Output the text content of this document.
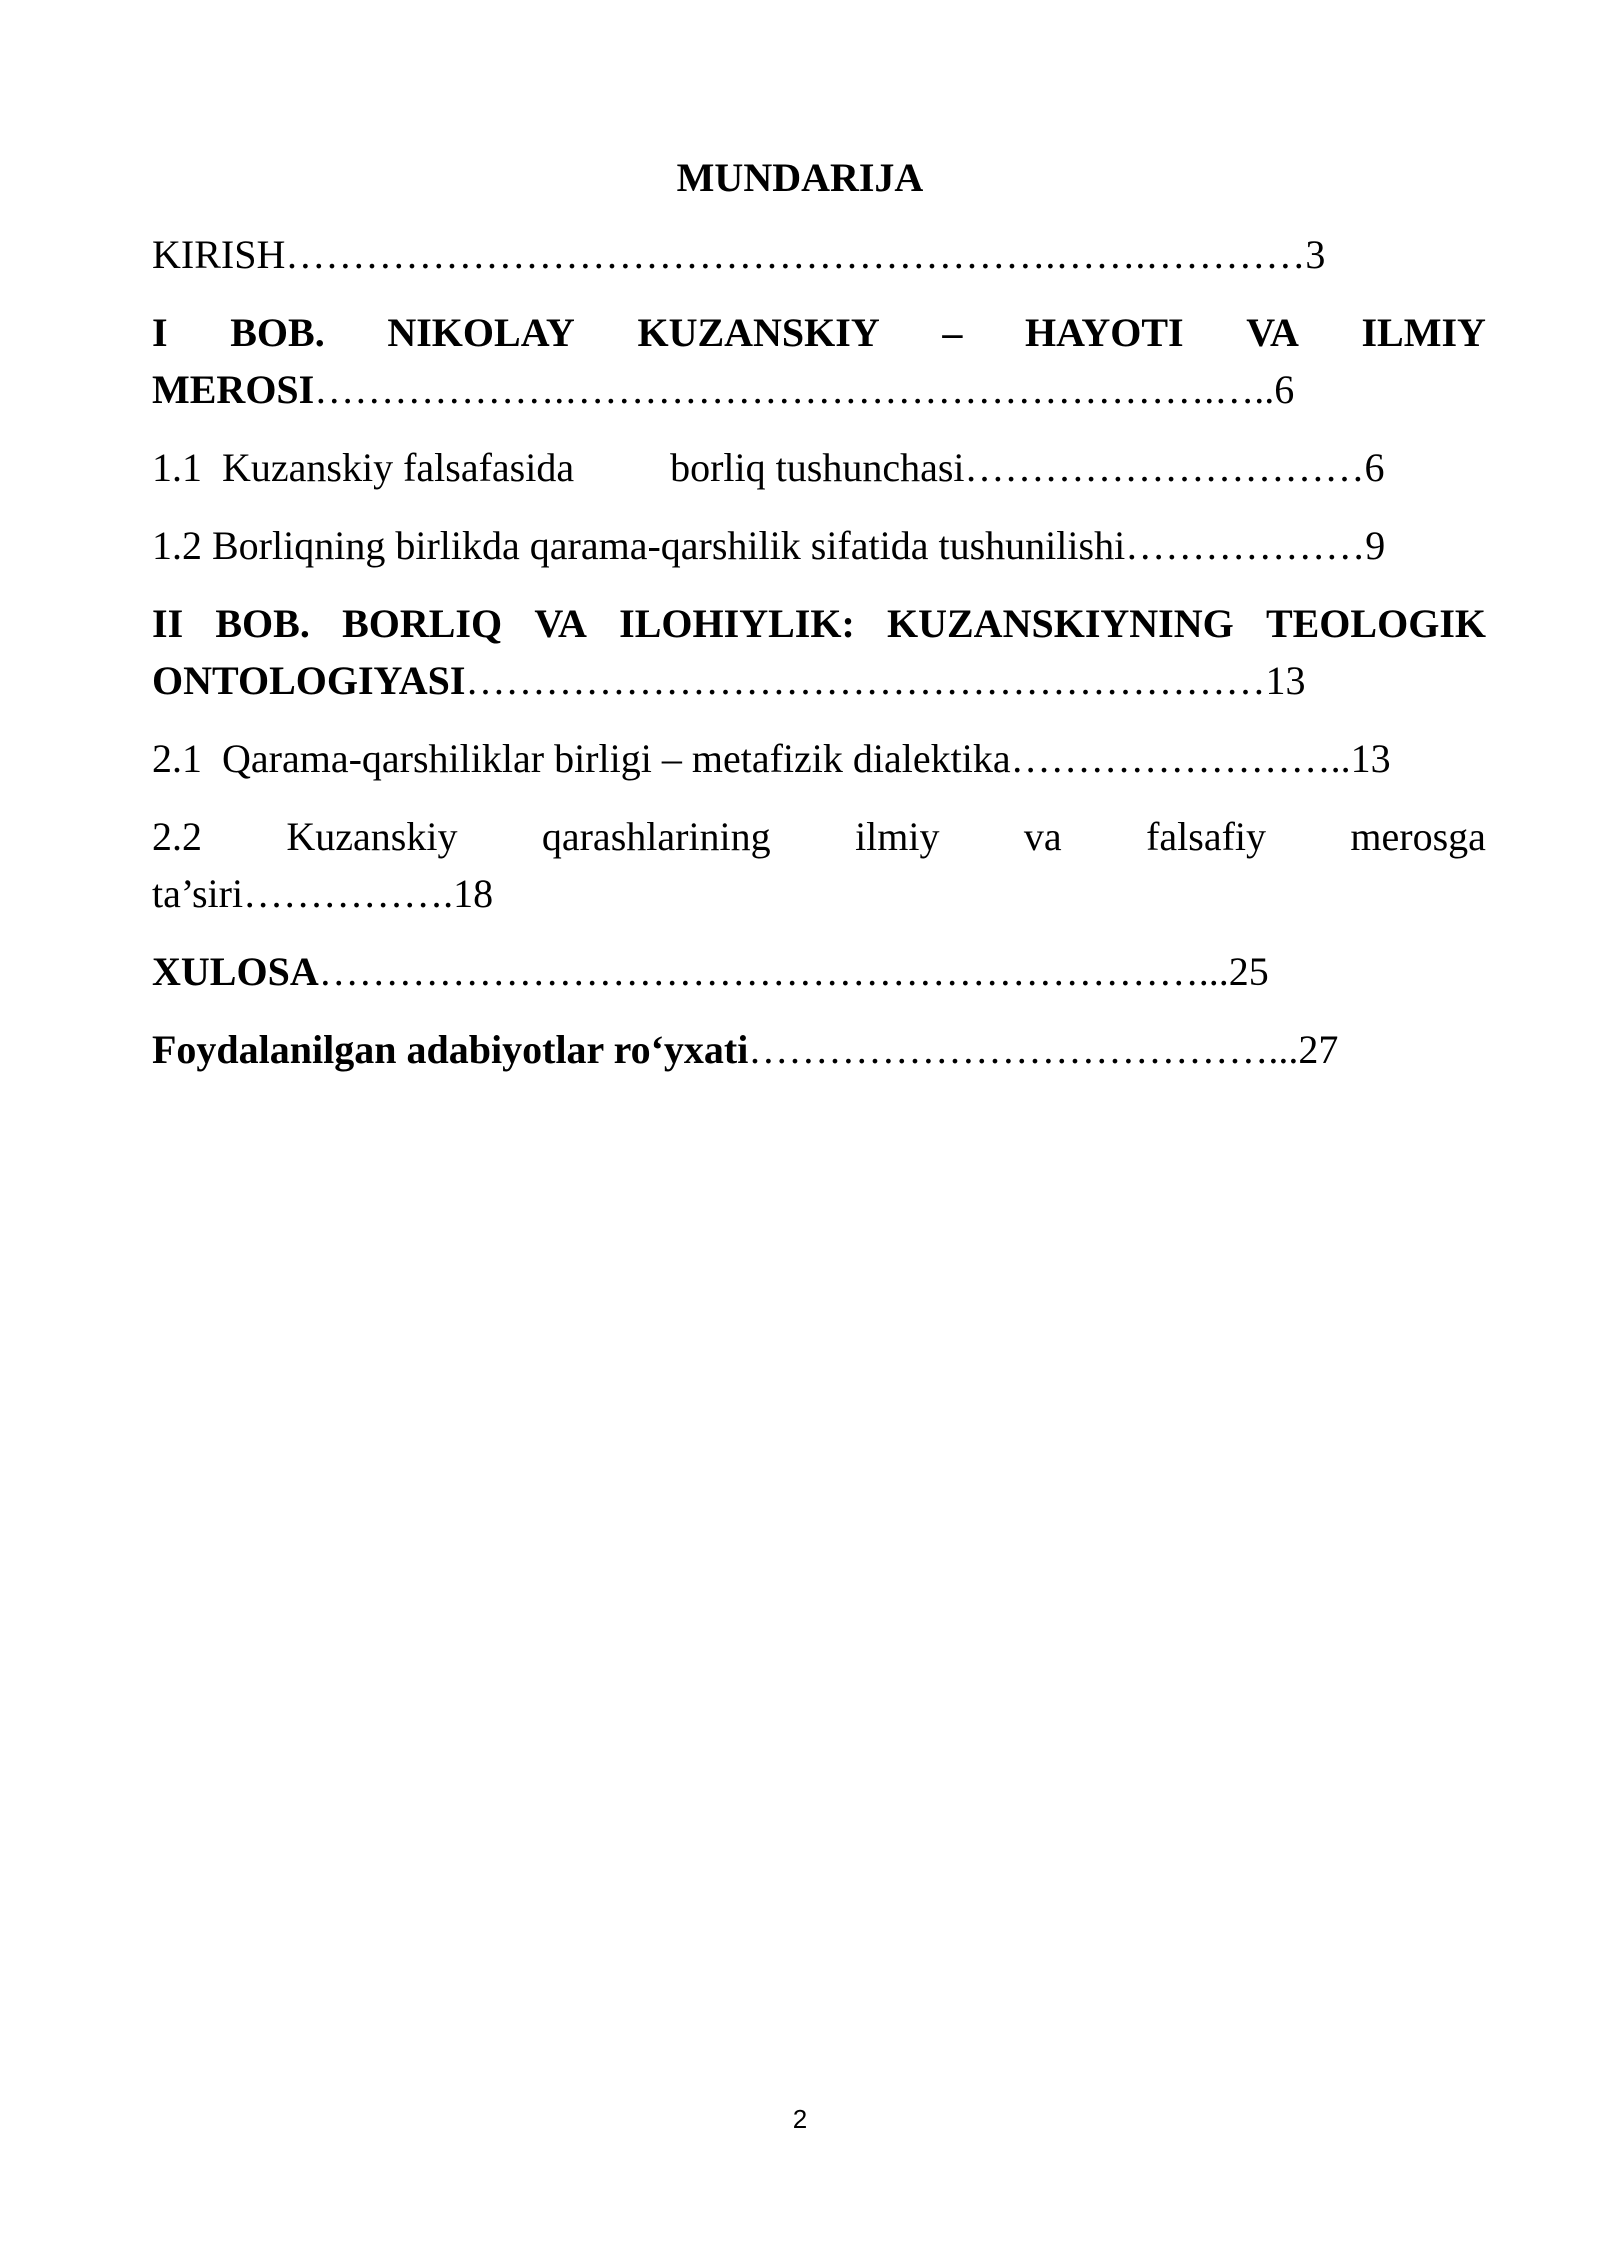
MUNDARIJA
KIRISH………………………………………………….…….…………3
I BOB. NIKOLAY KUZANSKIY – HAYOTI VA ILMIY
MEROSI……………….………………………………………….…..6
1.1 Kuzanskiy falsafasida borliq tushunchasi…………………………6
1.2 Borliqning birlikda qarama-qarshilik sifatida tushunilishi………………9
II BOB. BORLIQ VA ILOHIYLIK: KUZANSKIYNING TEOLOGIK
ONTOLOGIYASI……………………………………………………13
2.1 Qarama-qarshiliklar birligi – metafizik dialektika……………………..13
2.2 Kuzanskiy qarashlarining ilmiy va falsafiy merosga
ta’siri…………….18
XULOSA…………………………………………………………...25
Foydalanilgan adabiyotlar ro‘yxati…………………………………...27
2
